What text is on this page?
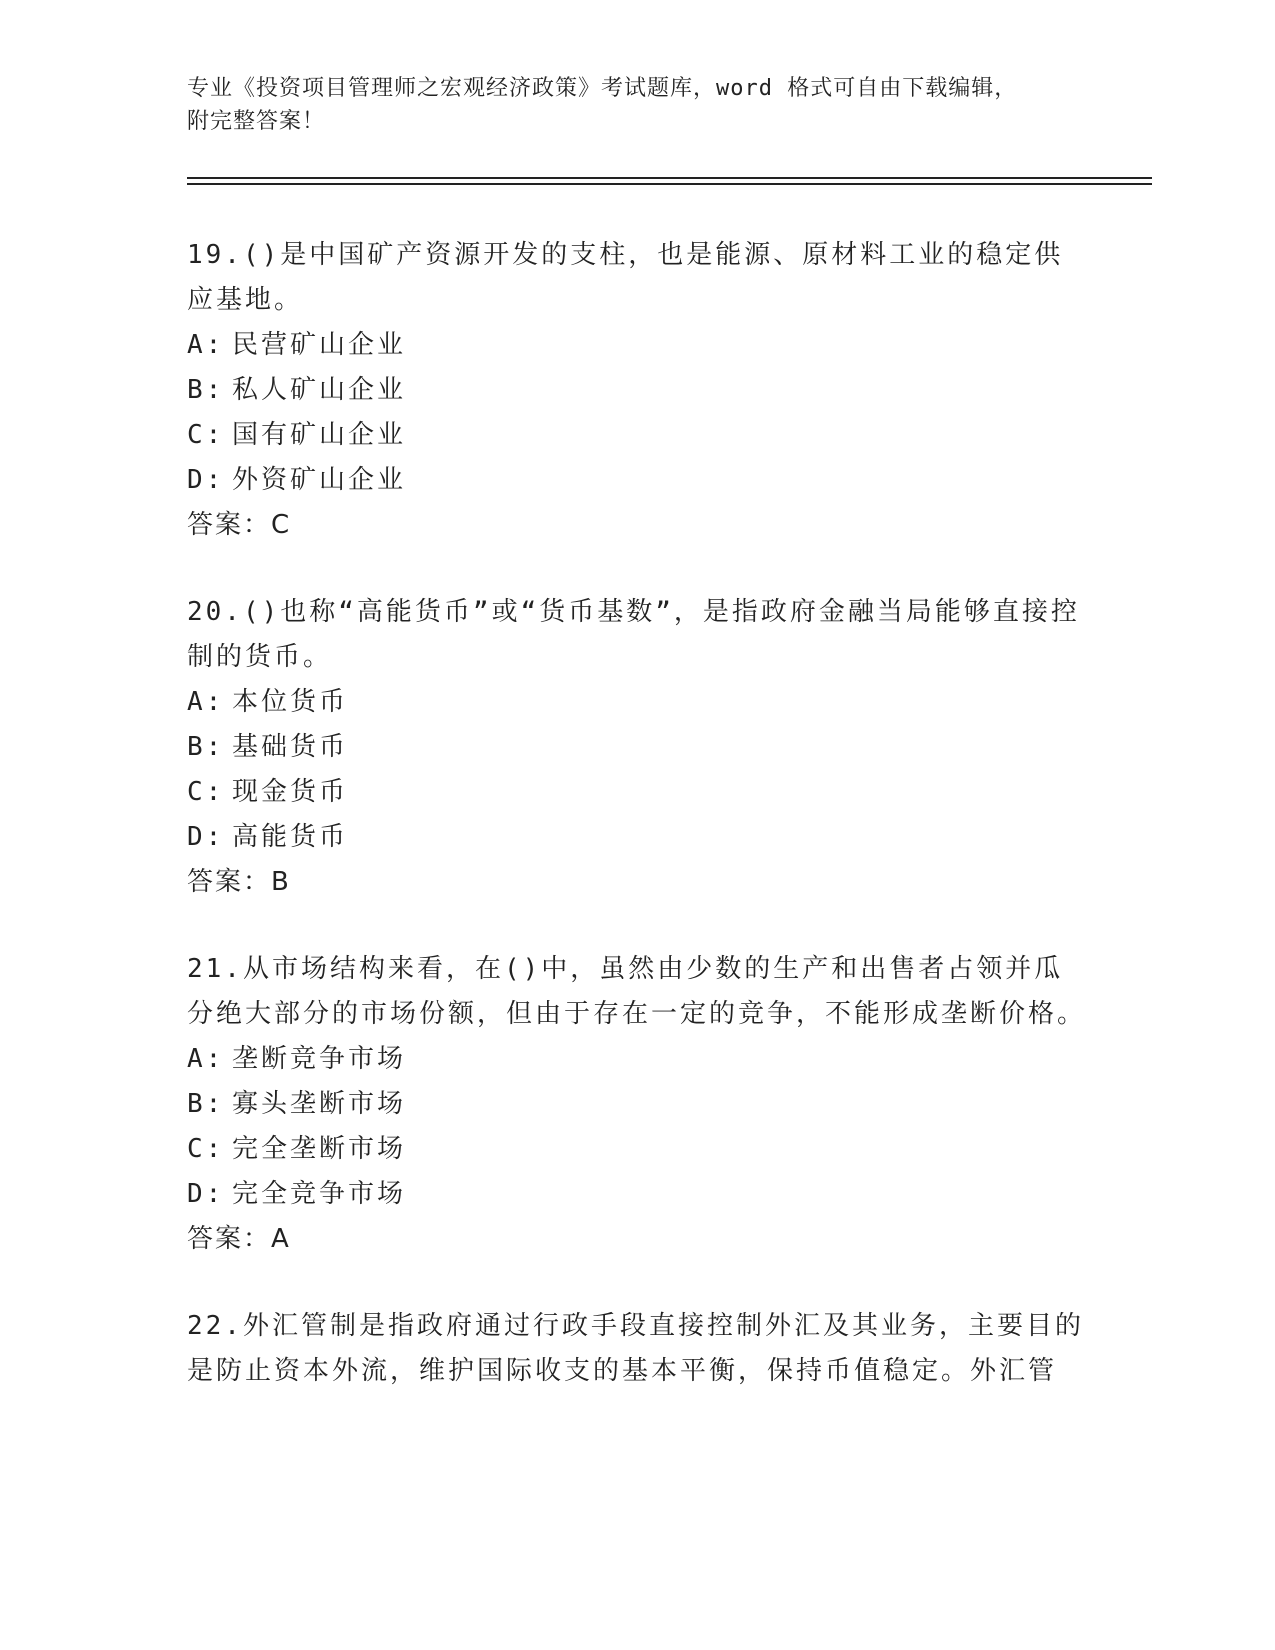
专业《投资项目管理师之宏观经济政策》考试题库，word 格式可自由下载编辑，
附完整答案！
19.()是中国矿产资源开发的支柱，也是能源、原材料工业的稳定供应基地。
A: 民营矿山企业
B: 私人矿山企业
C: 国有矿山企业
D: 外资矿山企业
答案：C
20.()也称“高能货币”或“货币基数”，是指政府金融当局能够直接控制的货币。
A: 本位货币
B: 基础货币
C: 现金货币
D: 高能货币
答案：B
21.从市场结构来看，在()中，虽然由少数的生产和出售者占领并瓜分绝大部分的市场份额，但由于存在一定的竞争，不能形成垄断价格。
A: 垄断竞争市场
B: 寡头垄断市场
C: 完全垄断市场
D: 完全竞争市场
答案：A
22.外汇管制是指政府通过行政手段直接控制外汇及其业务，主要目的是防止资本外流，维护国际收支的基本平衡，保持币值稳定。外汇管
